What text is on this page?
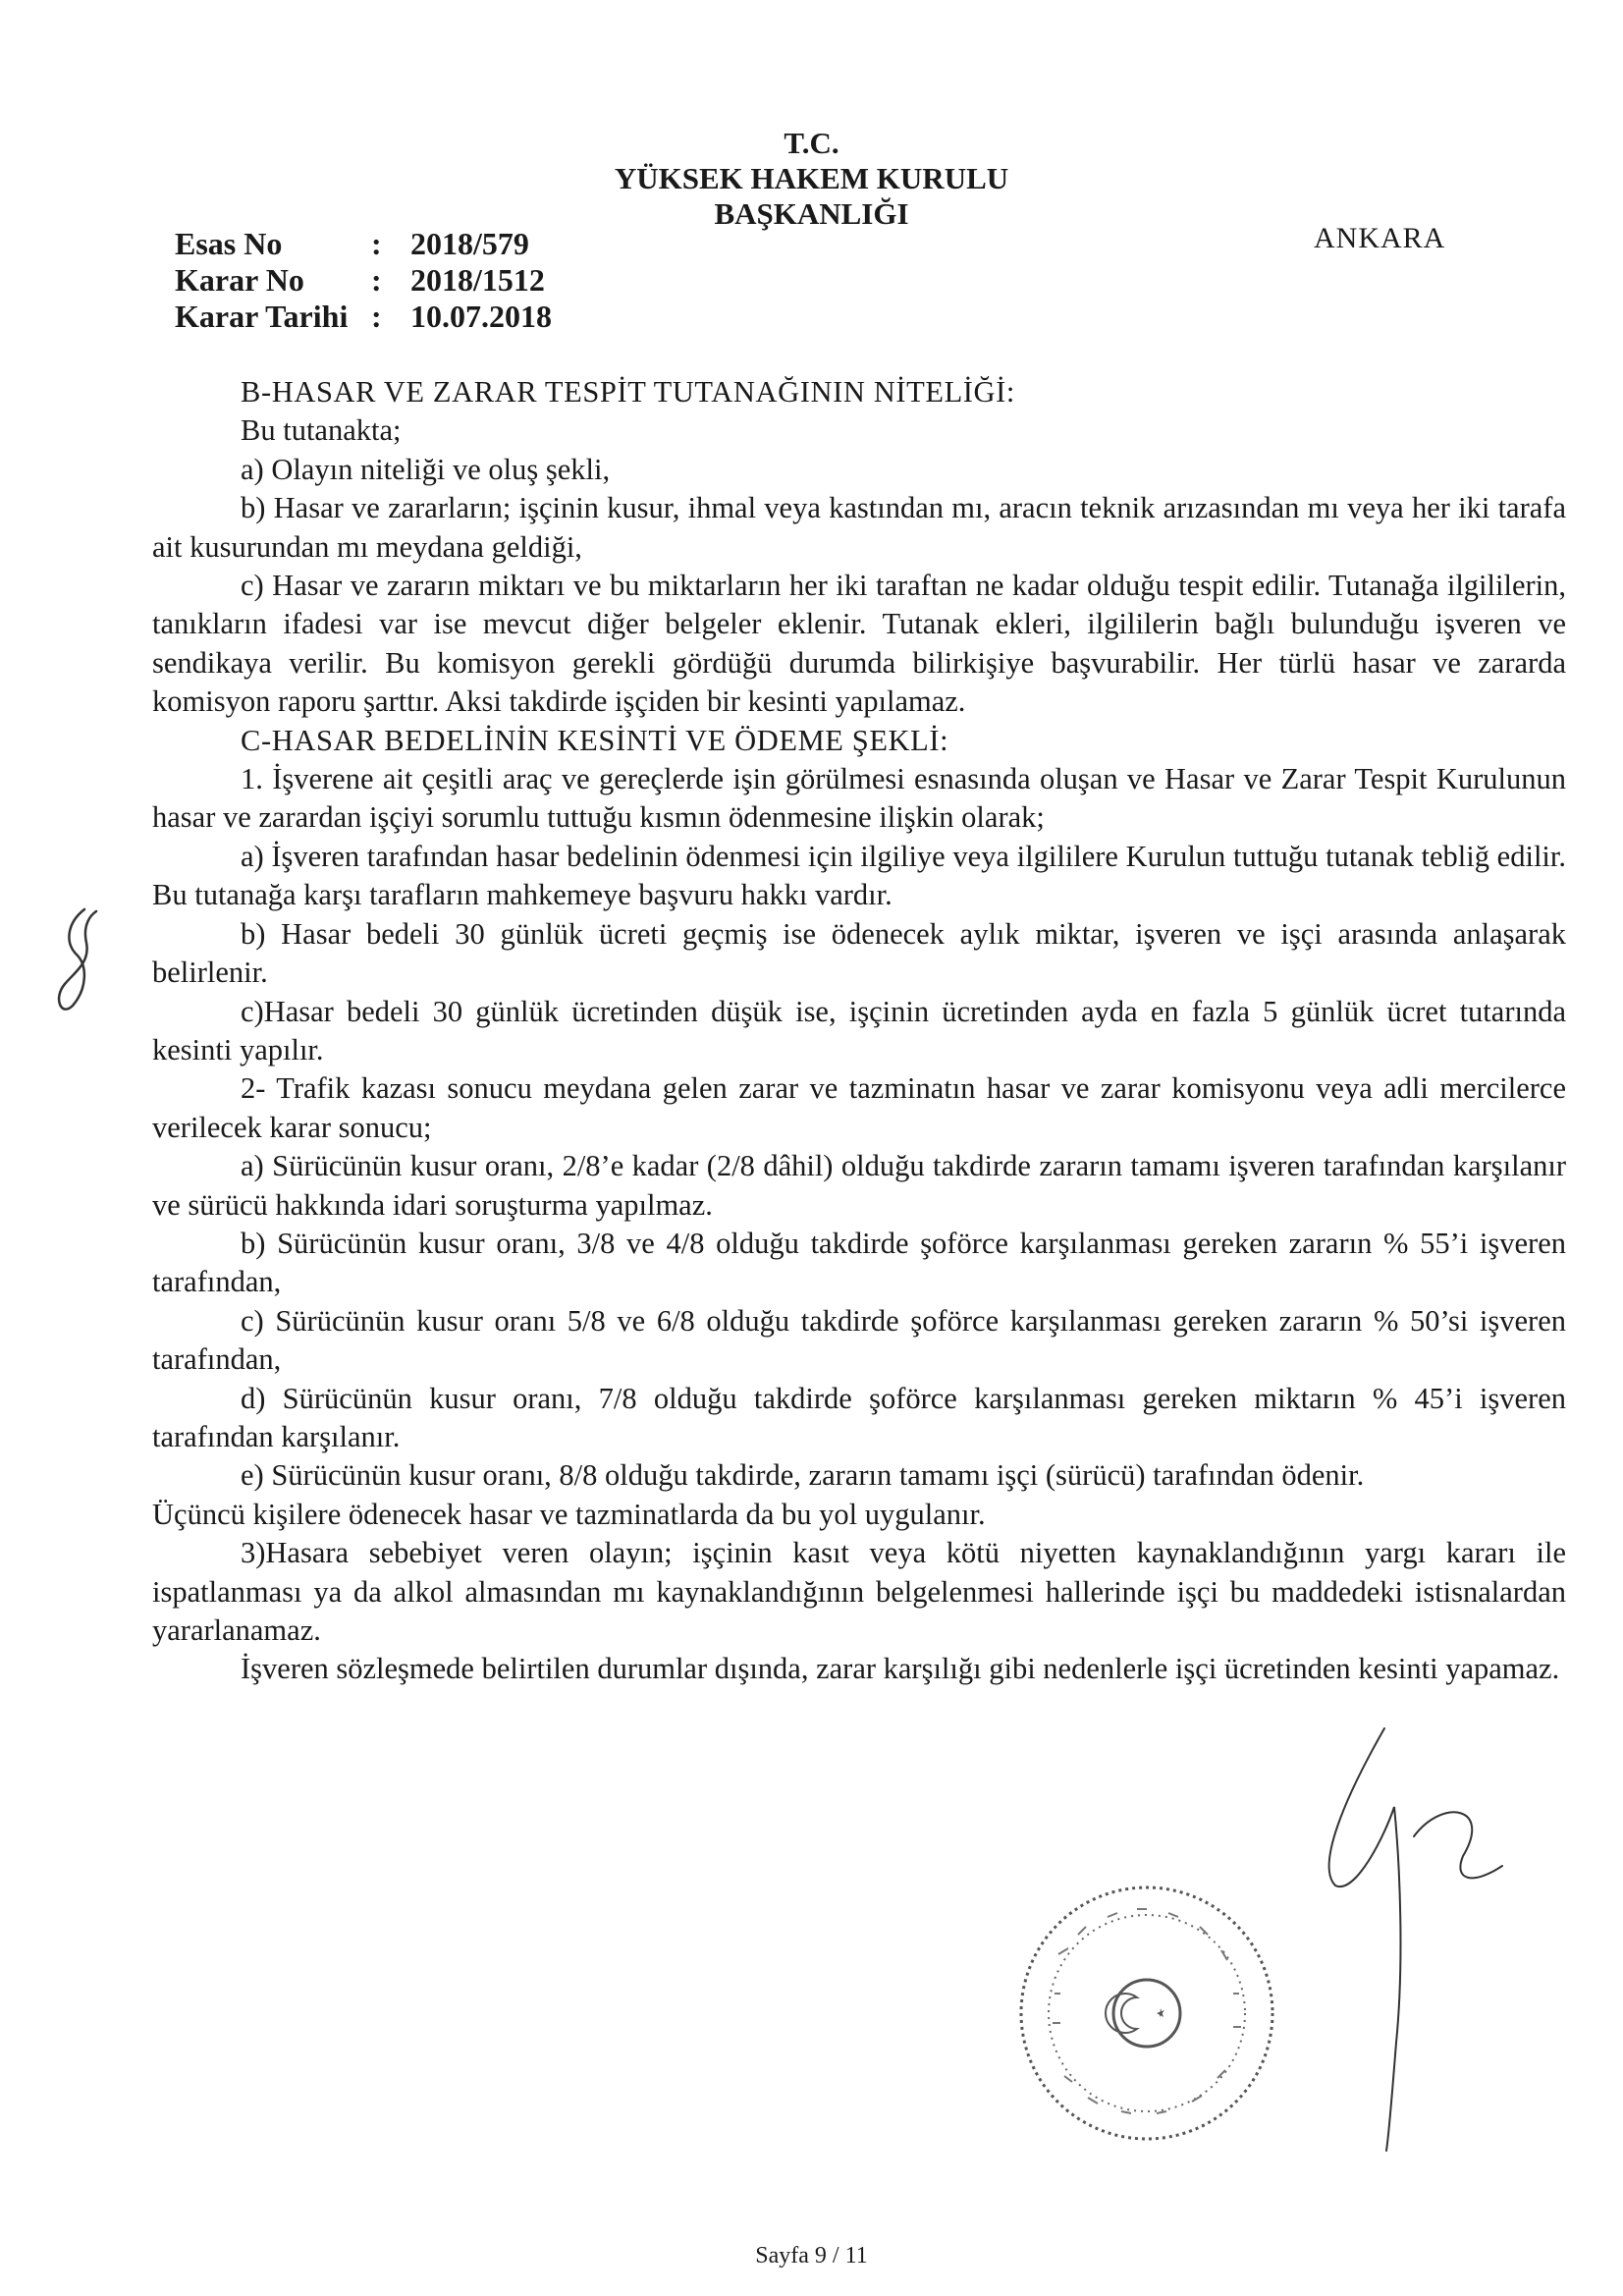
T.C.
YÜKSEK HAKEM KURULU
BAŞKANLIĞI
Esas No	: 2018/579
Karar No	: 2018/1512
Karar Tarihi : 10.07.2018
ANKARA

B-HASAR VE ZARAR TESPİT TUTANAĞININ NİTELİĞİ:

Bu tutanakta;

a) Olayın niteliği ve oluş şekli,

b) Hasar ve zararların; işçinin kusur, ihmal veya kastından mı, aracın teknik arızasından mı veya her iki tarafa ait kusurundan mı meydana geldiği,

c) Hasar ve zararın miktarı ve bu miktarların her iki taraftan ne kadar olduğu tespit edilir. Tutanağa ilgililerin, tanıkların ifadesi var ise mevcut diğer belgeler eklenir. Tutanak ekleri, ilgililerin bağlı bulunduğu işveren ve sendikaya verilir. Bu komisyon gerekli gördüğü durumda bilirkişiye başvurabilir. Her türlü hasar ve zararda komisyon raporu şarttır. Aksi takdirde işçiden bir kesinti yapılamaz.

C-HASAR BEDELİNİN KESİNTİ VE ÖDEME ŞEKLİ:

1. İşverene ait çeşitli araç ve gereçlerde işin görülmesi esnasında oluşan ve Hasar ve Zarar Tespit Kurulunun hasar ve zarardan işçiyi sorumlu tuttuğu kısmın ödenmesine ilişkin olarak;

a) İşveren tarafından hasar bedelinin ödenmesi için ilgiliye veya ilgililere Kurulun tuttuğu tutanak tebliğ edilir. Bu tutanağa karşı tarafların mahkemeye başvuru hakkı vardır.

b) Hasar bedeli 30 günlük ücreti geçmiş ise ödenecek aylık miktar, işveren ve işçi arasında anlaşarak belirlenir.

c)Hasar bedeli 30 günlük ücretinden düşük ise, işçinin ücretinden ayda en fazla 5 günlük ücret tutarında kesinti yapılır.

2- Trafik kazası sonucu meydana gelen zarar ve tazminatın hasar ve zarar komisyonu veya adli mercilerce verilecek karar sonucu;

a) Sürücünün kusur oranı, 2/8’e kadar (2/8 dâhil) olduğu takdirde zararın tamamı işveren tarafından karşılanır ve sürücü hakkında idari soruşturma yapılmaz.

b) Sürücünün kusur oranı, 3/8 ve 4/8 olduğu takdirde şoförce karşılanması gereken zararın % 55’i işveren tarafından,

c) Sürücünün kusur oranı 5/8 ve 6/8 olduğu takdirde şoförce karşılanması gereken zararın % 50’si işveren tarafından,

d) Sürücünün kusur oranı, 7/8 olduğu takdirde şoförce karşılanması gereken miktarın % 45’i işveren tarafından karşılanır.

e) Sürücünün kusur oranı, 8/8 olduğu takdirde, zararın tamamı işçi (sürücü) tarafından ödenir.

Üçüncü kişilere ödenecek hasar ve tazminatlarda da bu yol uygulanır.

3)Hasara sebebiyet veren olayın; işçinin kasıt veya kötü niyetten kaynaklandığının yargı kararı ile ispatlanması ya da alkol almasından mı kaynaklandığının belgelenmesi hallerinde işçi bu maddedeki istisnalardan yararlanamaz.

İşveren sözleşmede belirtilen durumlar dışında, zarar karşılığı gibi nedenlerle işçi ücretinden kesinti yapamaz.

Sayfa 9 / 11
